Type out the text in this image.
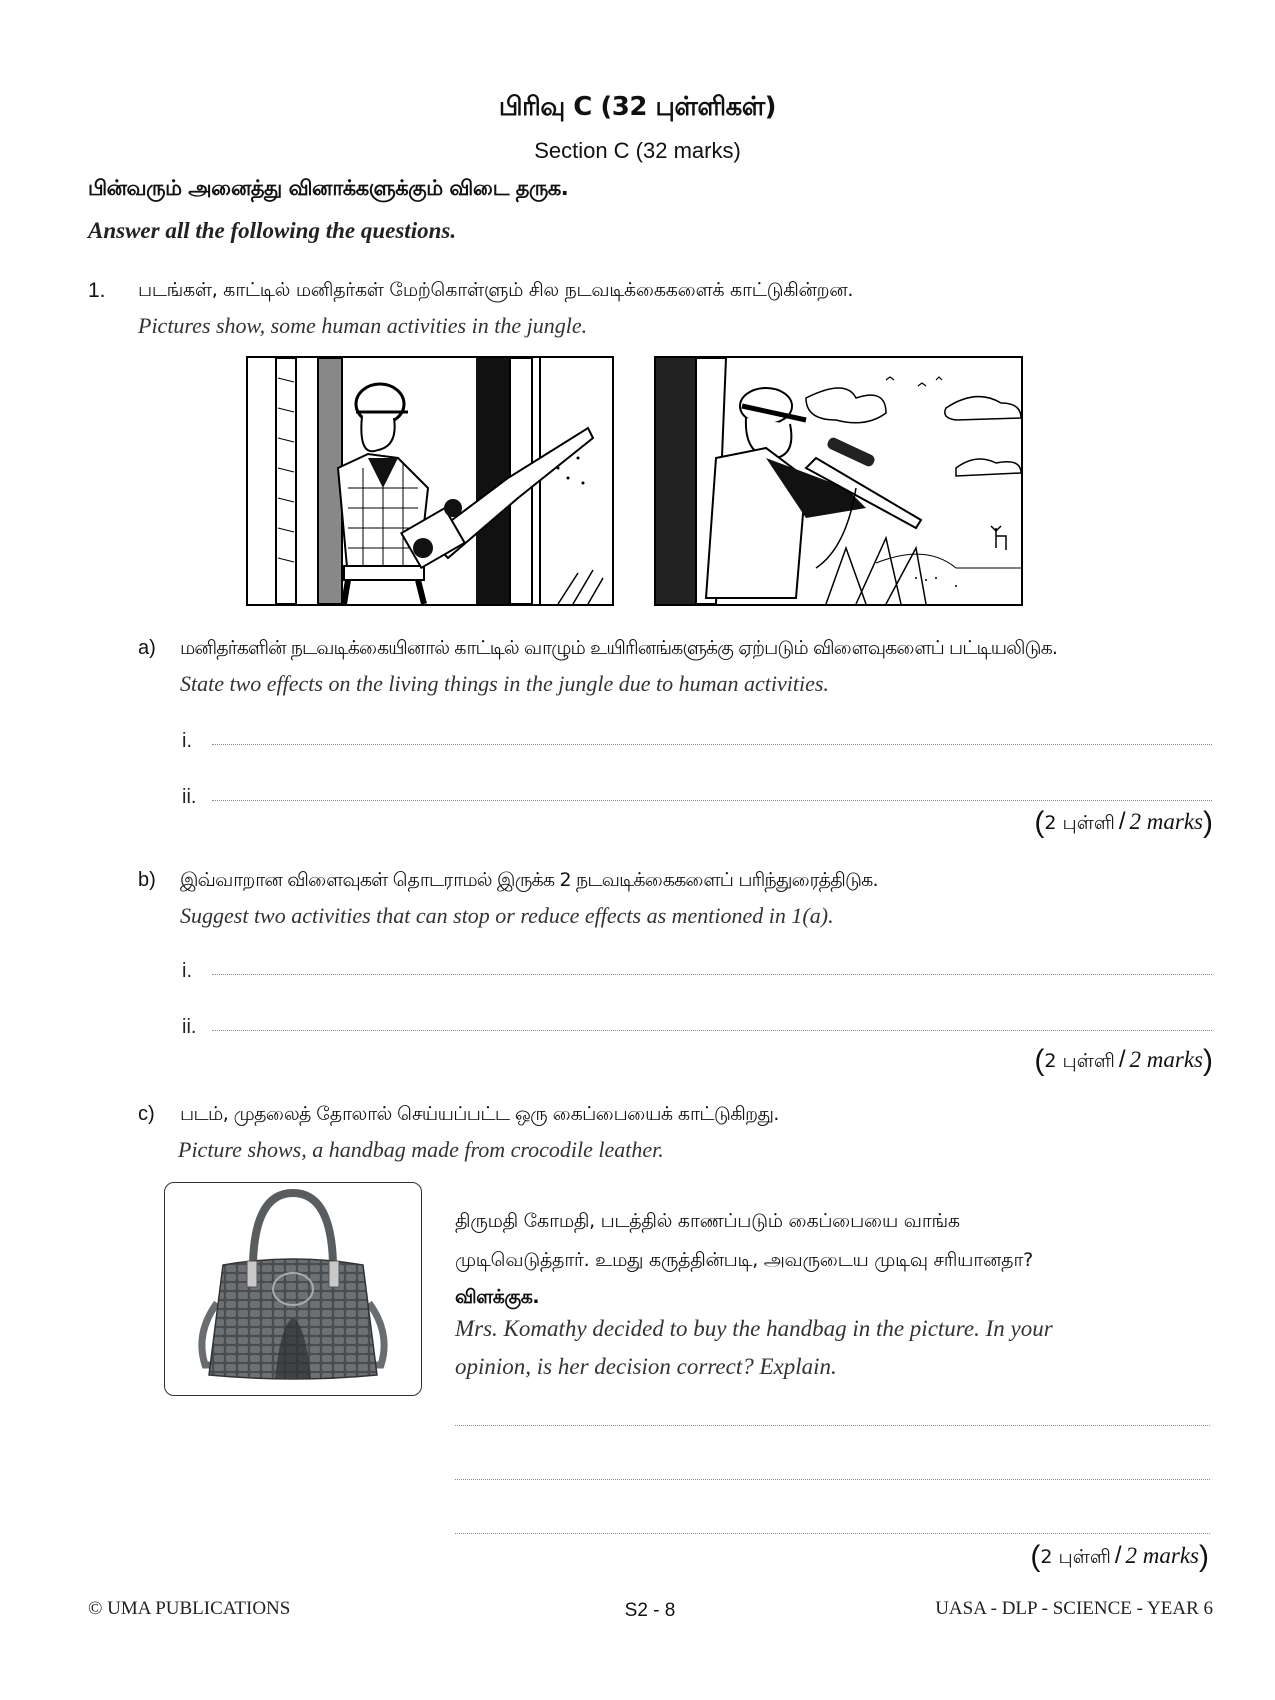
பிரிவு C (32 புள்ளிகள்)
Section C (32 marks)
பின்வரும் அனைத்து வினாக்களுக்கும் விடை தருக.
Answer all the following the questions.
1. படங்கள், காட்டில் மனிதர்கள் மேற்கொள்ளும் சில நடவடிக்கைகளைக் காட்டுகின்றன.
Pictures show, some human activities in the jungle.
a) மனிதர்களின் நடவடிக்கையினால் காட்டில் வாழும் உயிரினங்களுக்கு ஏற்படும் விளைவுகளைப் பட்டியலிடுக.
State two effects on the living things in the jungle due to human activities.
i.
ii.
(2 புள்ளி / 2 marks)
b) இவ்வாறான விளைவுகள் தொடராமல் இருக்க 2 நடவடிக்கைகளைப் பரிந்துரைத்திடுக.
Suggest two activities that can stop or reduce effects as mentioned in 1(a).
i.
ii.
(2 புள்ளி / 2 marks)
c) படம், முதலைத் தோலால் செய்யப்பட்ட ஒரு கைப்பையைக் காட்டுகிறது.
Picture shows, a handbag made from crocodile leather.
திருமதி கோமதி, படத்தில் காணப்படும் கைப்பையை வாங்க
முடிவெடுத்தார். உமது கருத்தின்படி, அவருடைய முடிவு சரியானதா?
விளக்குக.
Mrs. Komathy decided to buy the handbag in the picture. In your
opinion, is her decision correct? Explain.
(2 புள்ளி / 2 marks)
© UMA PUBLICATIONS	S2 - 8	UASA - DLP - SCIENCE - YEAR 6
